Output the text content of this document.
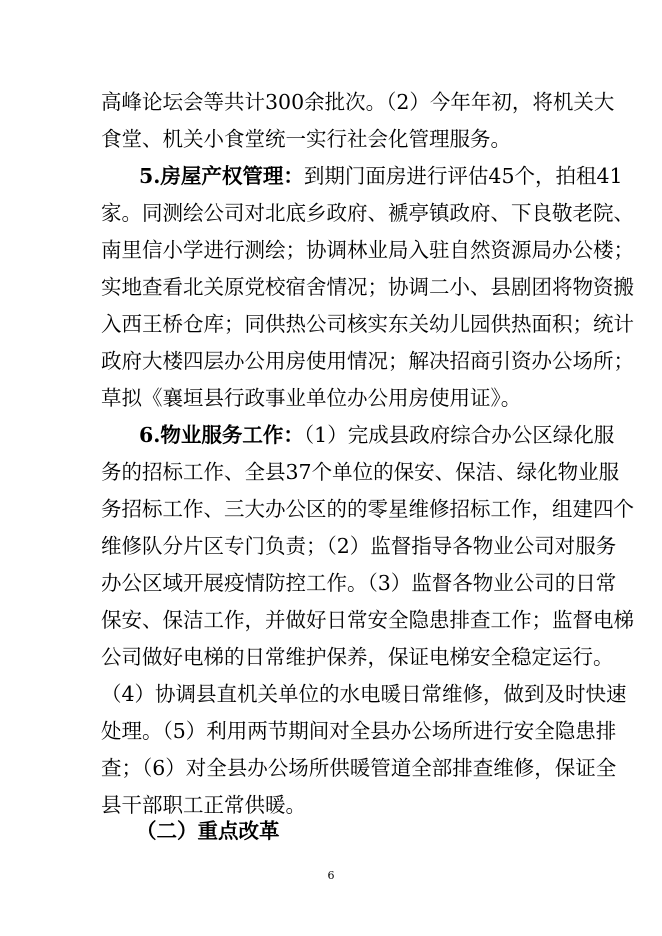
高峰论坛会等共计300余批次。（2）今年年初，将机关大
食堂、机关小食堂统一实行社会化管理服务。
5.房屋产权管理：到期门面房进行评估45个，拍租41
家。同测绘公司对北底乡政府、褫亭镇政府、下良敬老院、
南里信小学进行测绘；协调林业局入驻自然资源局办公楼；
实地查看北关原党校宿舍情况；协调二小、县剧团将物资搬
入西王桥仓库；同供热公司核实东关幼儿园供热面积；统计
政府大楼四层办公用房使用情况；解决招商引资办公场所；
草拟《襄垣县行政事业单位办公用房使用证》。
6.物业服务工作：（1）完成县政府综合办公区绿化服
务的招标工作、全县37个单位的保安、保洁、绿化物业服
务招标工作、三大办公区的的零星维修招标工作，组建四个
维修队分片区专门负责；（2）监督指导各物业公司对服务
办公区域开展疫情防控工作。（3）监督各物业公司的日常
保安、保洁工作，并做好日常安全隐患排查工作；监督电梯
公司做好电梯的日常维护保养，保证电梯安全稳定运行。
（4）协调县直机关单位的水电暖日常维修，做到及时快速
处理。（5）利用两节期间对全县办公场所进行安全隐患排
查；（6）对全县办公场所供暖管道全部排查维修，保证全
县干部职工正常供暖。
（二）重点改革
6
